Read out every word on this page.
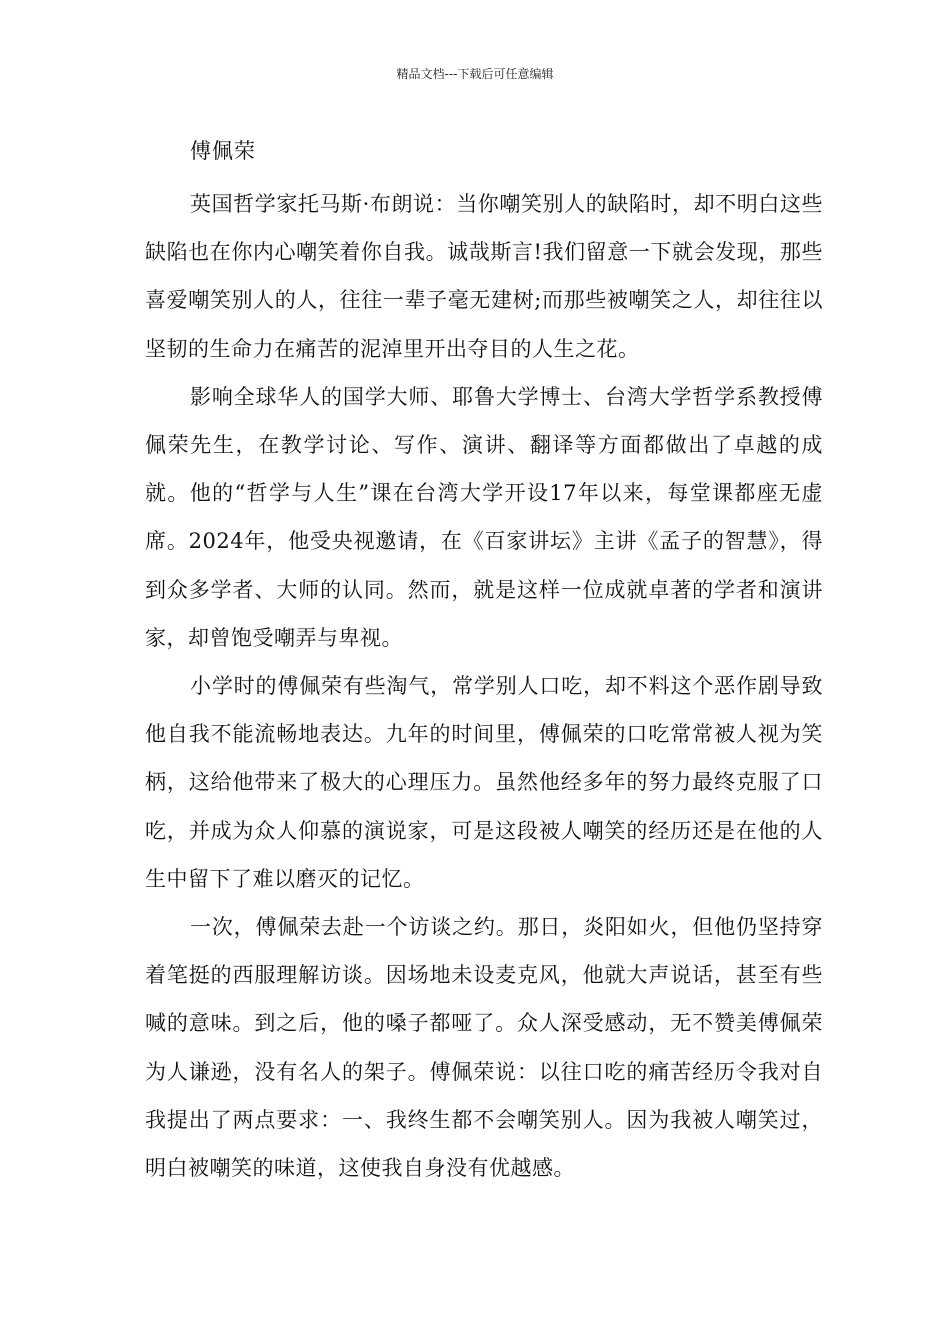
精品文档---下载后可任意编辑
傅佩荣

英国哲学家托马斯·布朗说：当你嘲笑别人的缺陷时，却不明白这些缺陷也在你内心嘲笑着你自我。诚哉斯言!我们留意一下就会发现，那些喜爱嘲笑别人的人，往往一辈子毫无建树;而那些被嘲笑之人，却往往以坚韧的生命力在痛苦的泥淖里开出夺目的人生之花。

影响全球华人的国学大师、耶鲁大学博士、台湾大学哲学系教授傅佩荣先生，在教学讨论、写作、演讲、翻译等方面都做出了卓越的成就。他的“哲学与人生”课在台湾大学开设17年以来，每堂课都座无虚席。2024年，他受央视邀请，在《百家讲坛》主讲《孟子的智慧》，得到众多学者、大师的认同。然而，就是这样一位成就卓著的学者和演讲家，却曾饱受嘲弄与卑视。

小学时的傅佩荣有些淘气，常学别人口吃，却不料这个恶作剧导致他自我不能流畅地表达。九年的时间里，傅佩荣的口吃常常被人视为笑柄，这给他带来了极大的心理压力。虽然他经多年的努力最终克服了口吃，并成为众人仰慕的演说家，可是这段被人嘲笑的经历还是在他的人生中留下了难以磨灭的记忆。

一次，傅佩荣去赴一个访谈之约。那日，炎阳如火，但他仍坚持穿着笔挺的西服理解访谈。因场地未设麦克风，他就大声说话，甚至有些喊的意味。到之后，他的嗓子都哑了。众人深受感动，无不赞美傅佩荣为人谦逊，没有名人的架子。傅佩荣说：以往口吃的痛苦经历令我对自我提出了两点要求：一、我终生都不会嘲笑别人。因为我被人嘲笑过，明白被嘲笑的味道，这使我自身没有优越感。
